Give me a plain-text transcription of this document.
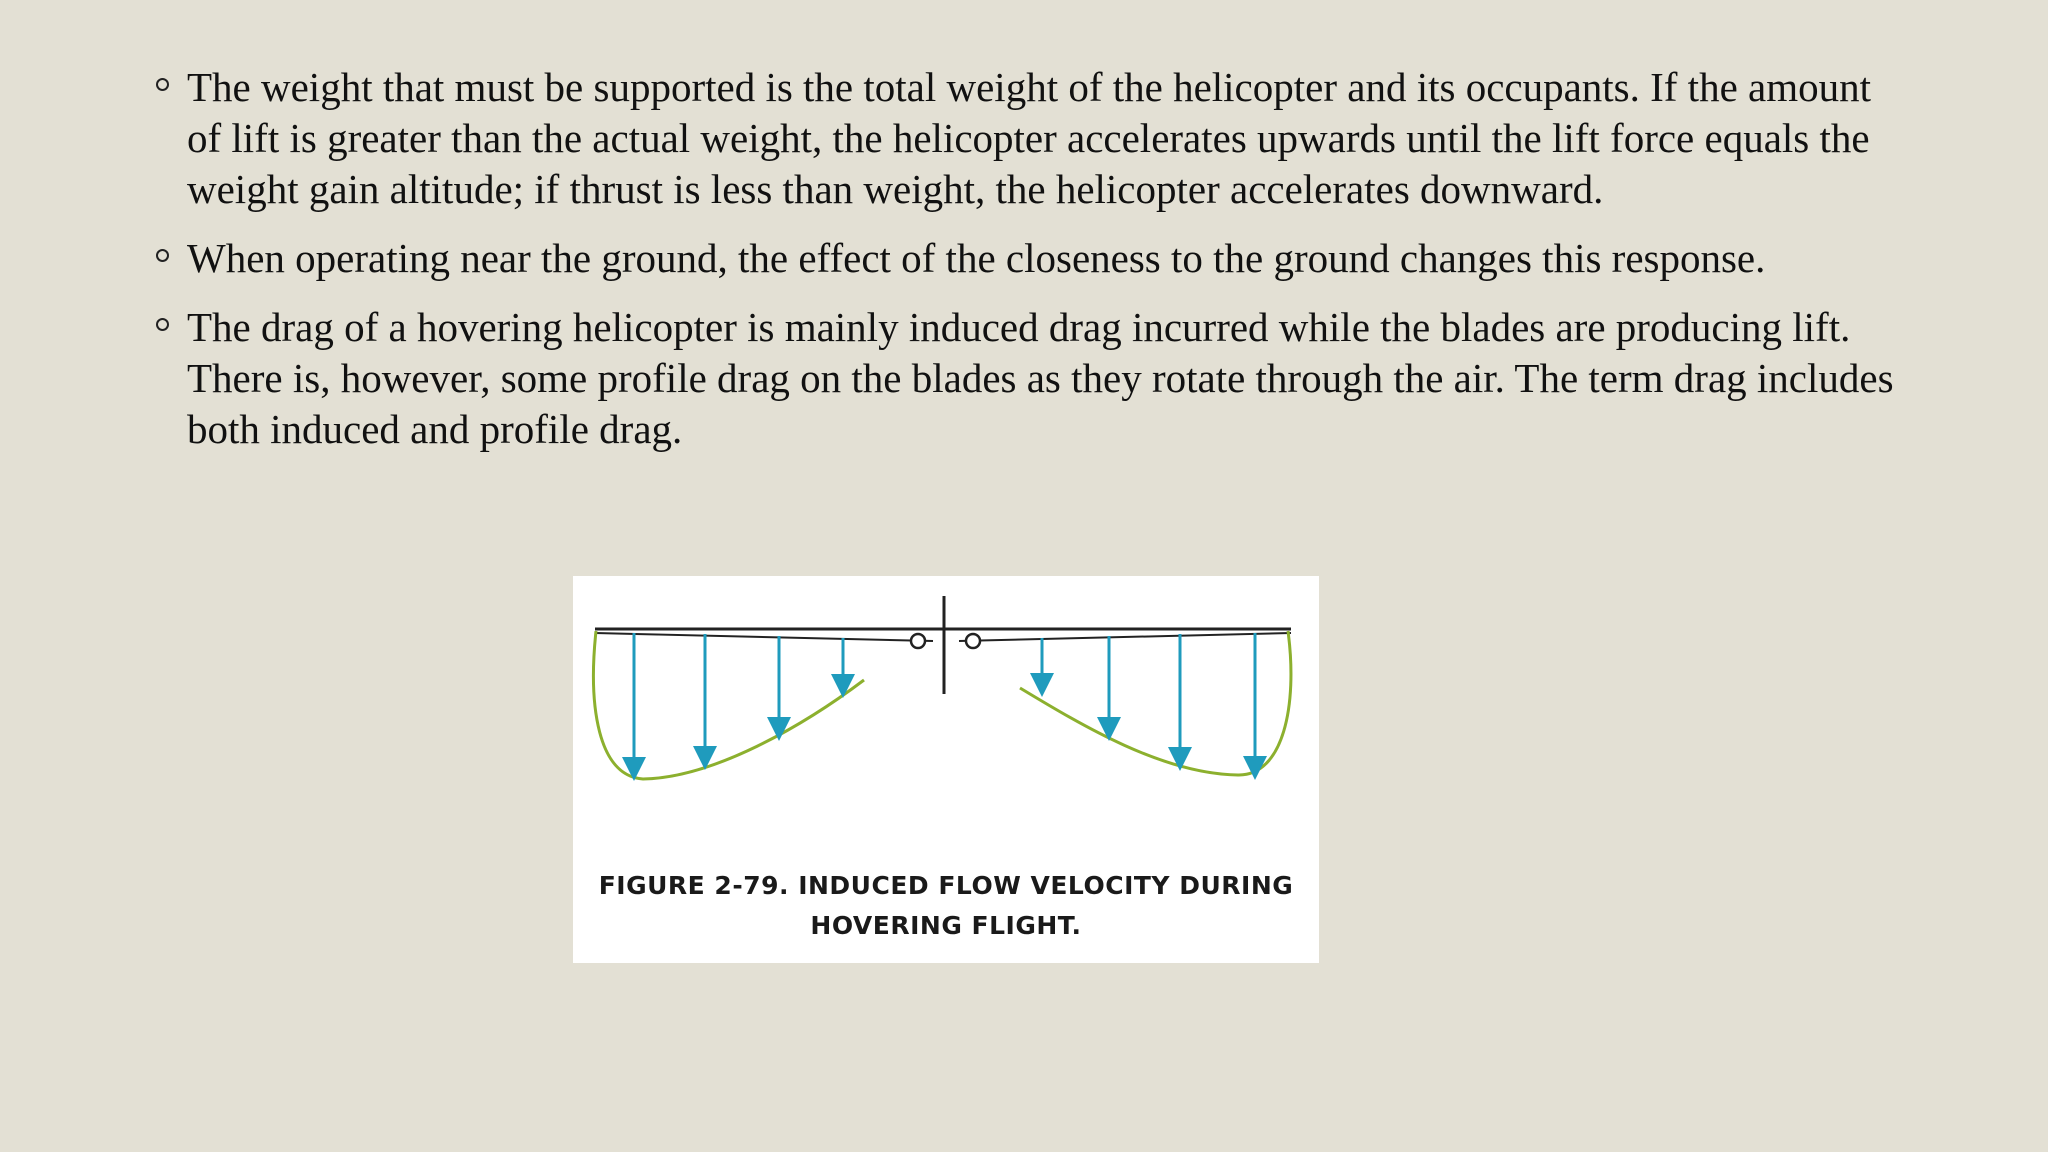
The weight that must be supported is the total weight of the helicopter and its occupants. If the amount of lift is greater than the actual weight, the helicopter accelerates upwards until the lift force equals the weight gain altitude; if thrust is less than weight, the helicopter accelerates downward.
When operating near the ground, the effect of the closeness to the ground changes this response.
The drag of a hovering helicopter is mainly induced drag incurred while the blades are producing lift. There is, however, some profile drag on the blades as they rotate through the air. The term drag includes both induced and profile drag.
FIGURE 2-79. INDUCED FLOW VELOCITY DURING
HOVERING FLIGHT.
